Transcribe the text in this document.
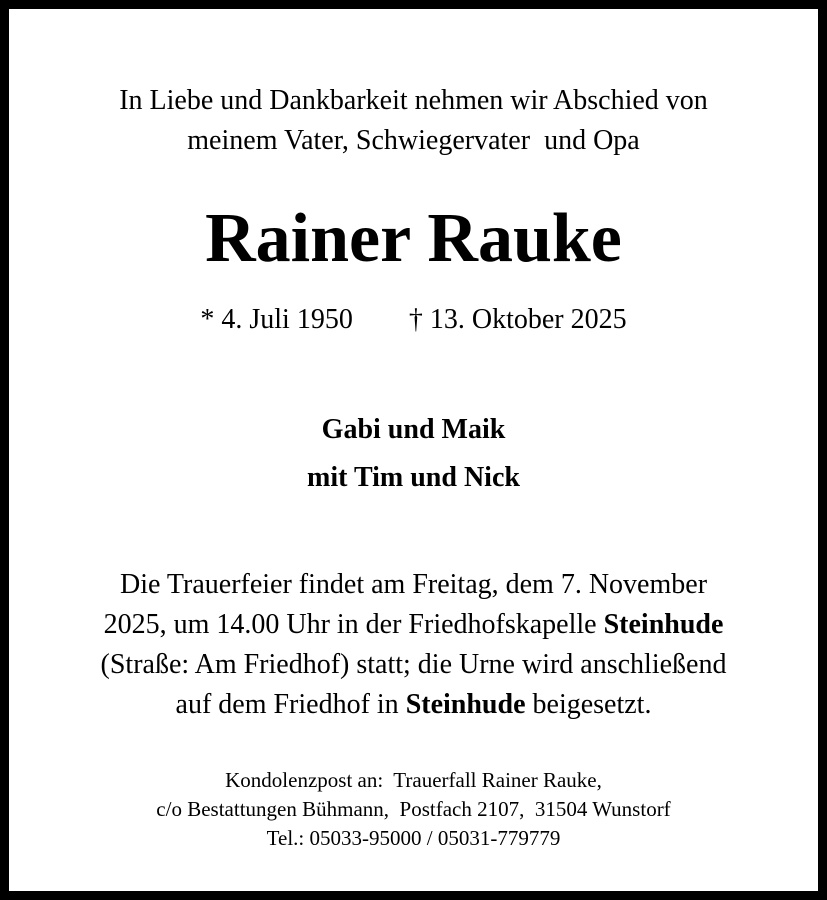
In Liebe und Dankbarkeit nehmen wir Abschied von
meinem Vater, Schwiegervater  und Opa
Rainer Rauke
* 4. Juli 1950 † 13. Oktober 2025
Gabi und Maik
mit Tim und Nick
Die Trauerfeier findet am Freitag, dem 7. November
2025, um 14.00 Uhr in der Friedhofskapelle Steinhude
(Straße: Am Friedhof) statt; die Urne wird anschließend
auf dem Friedhof in Steinhude beigesetzt.
Kondolenzpost an:  Trauerfall Rainer Rauke,
c/o Bestattungen Bühmann,  Postfach 2107,  31504 Wunstorf
Tel.: 05033-95000 / 05031-779779
